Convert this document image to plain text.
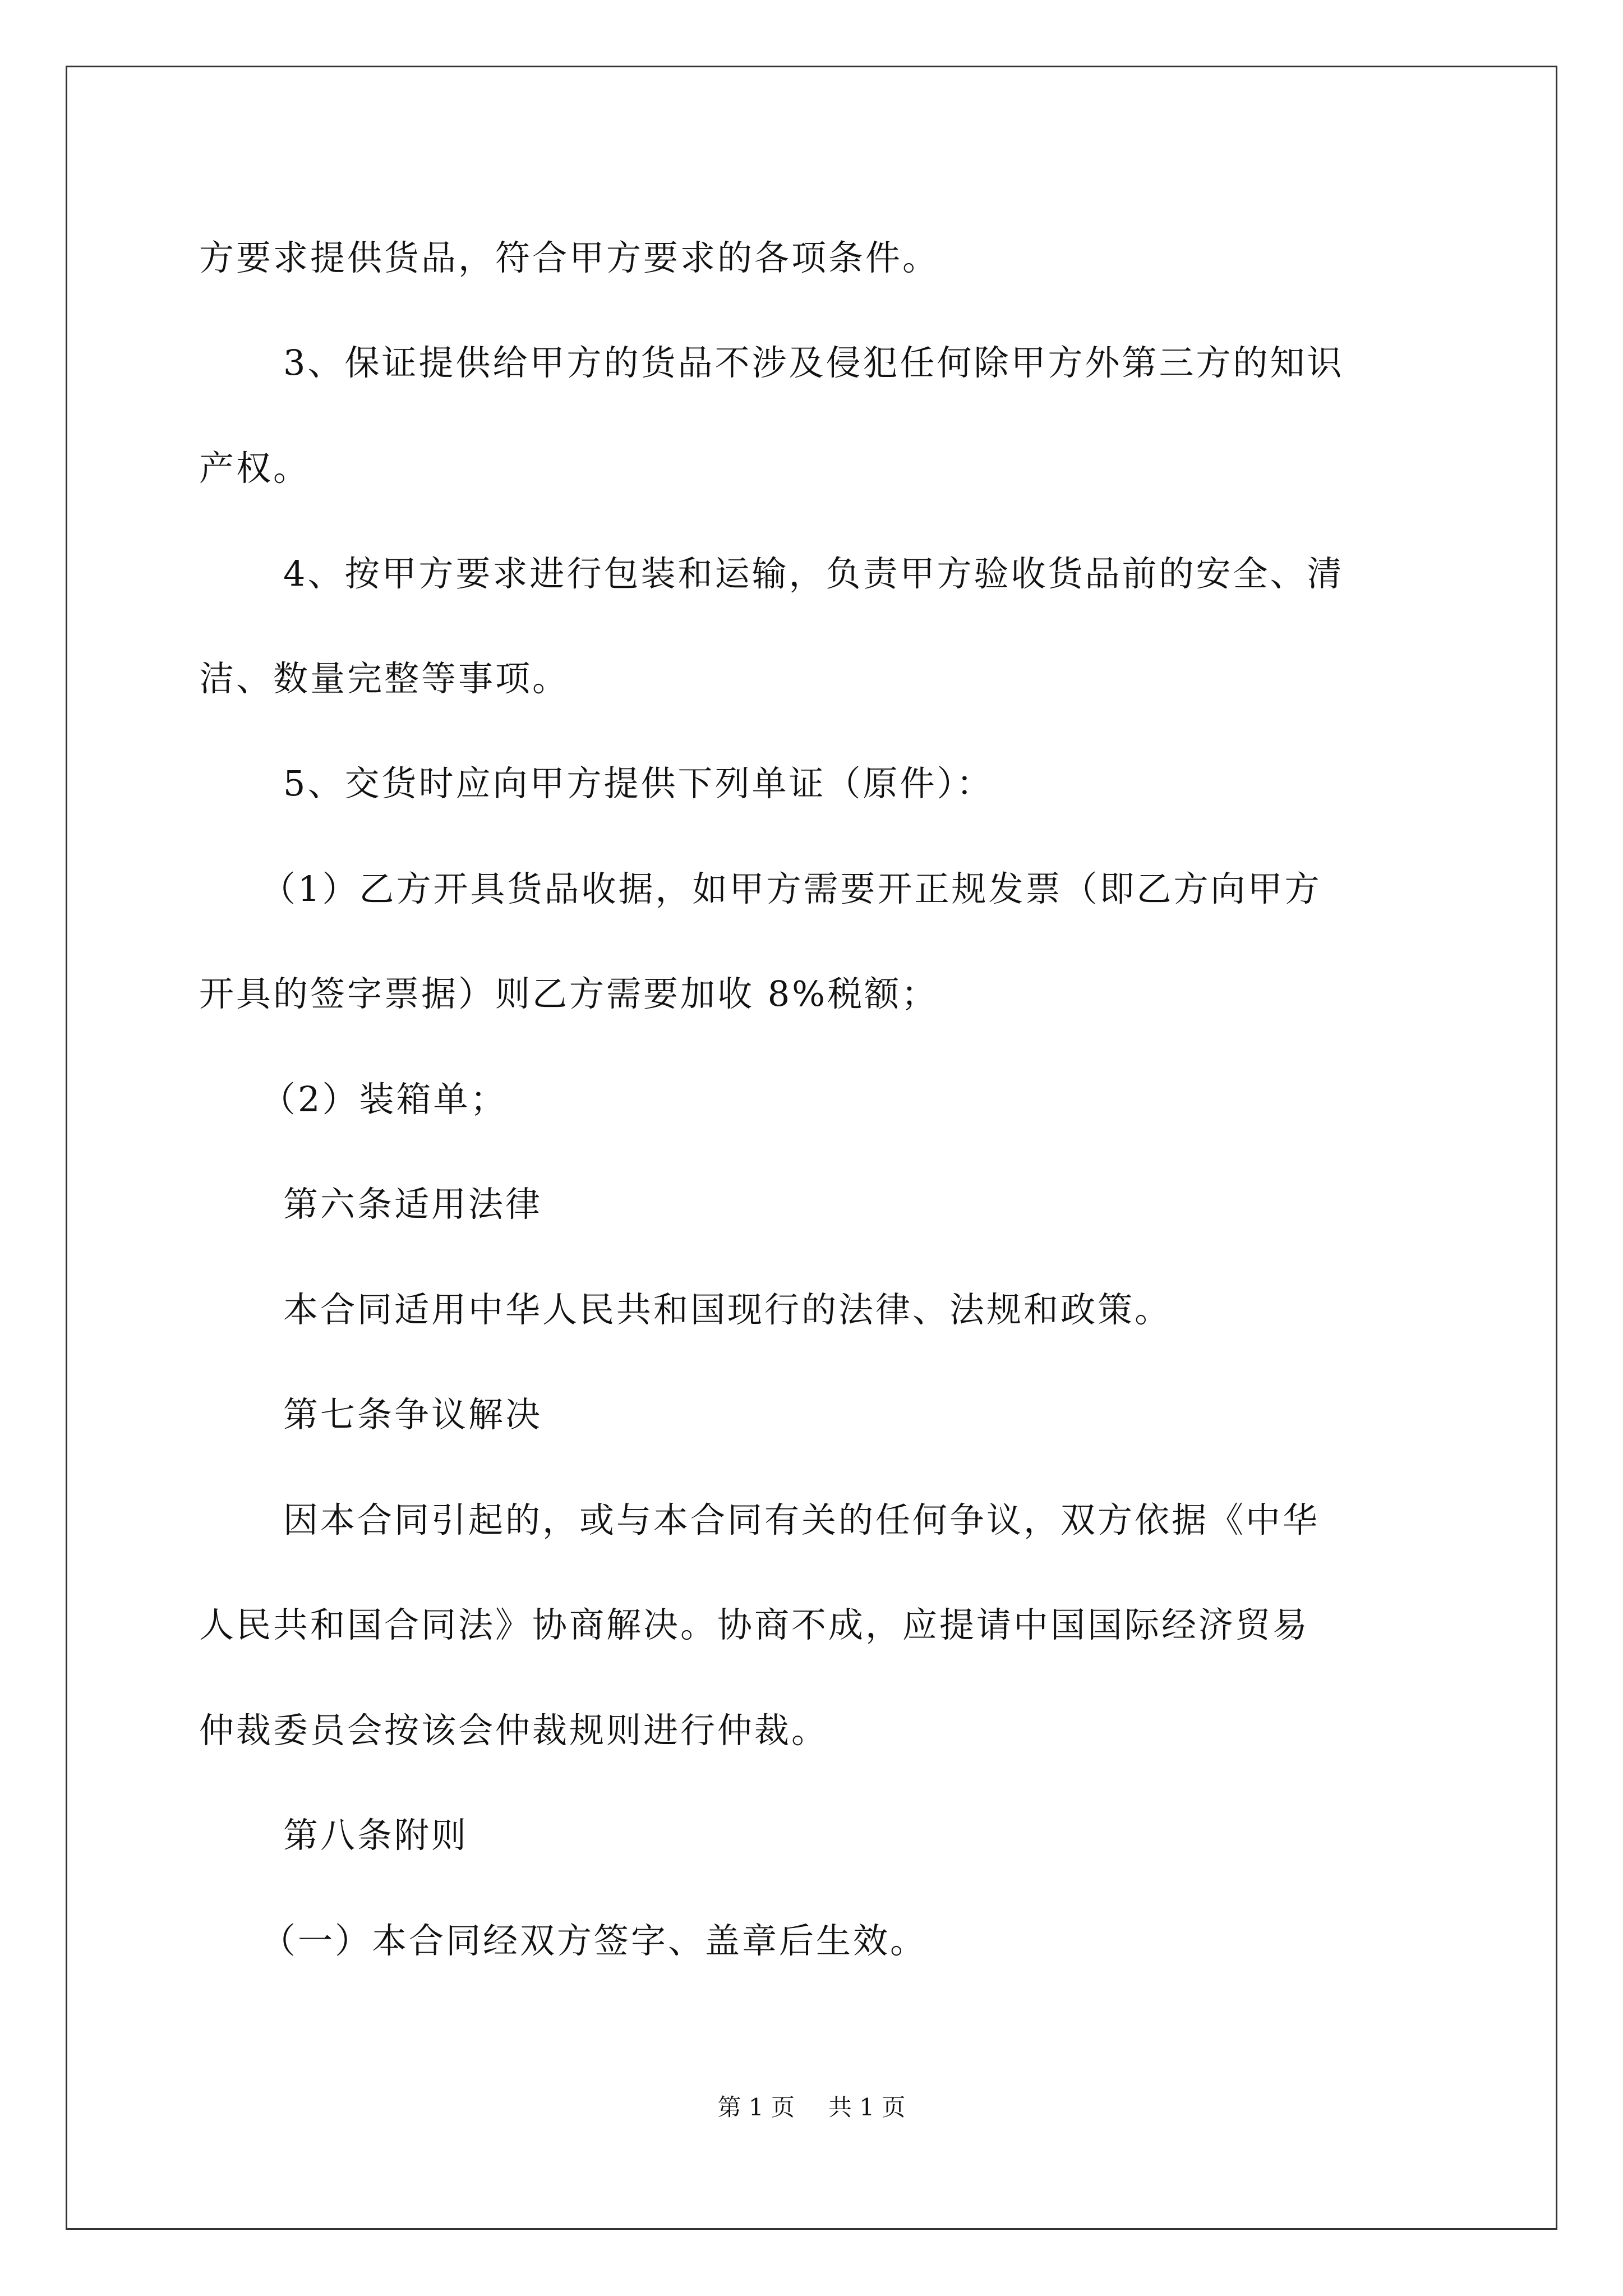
方要求提供货品，符合甲方要求的各项条件。
3、保证提供给甲方的货品不涉及侵犯任何除甲方外第三方的知识
产权。
4、按甲方要求进行包装和运输，负责甲方验收货品前的安全、清
洁、数量完整等事项。
5、交货时应向甲方提供下列单证（原件）：
（1）乙方开具货品收据，如甲方需要开正规发票（即乙方向甲方
开具的签字票据）则乙方需要加收 8%税额；
（2）装箱单；
第六条适用法律
本合同适用中华人民共和国现行的法律、法规和政策。
第七条争议解决
因本合同引起的，或与本合同有关的任何争议，双方依据《中华
人民共和国合同法》协商解决。协商不成，应提请中国国际经济贸易
仲裁委员会按该会仲裁规则进行仲裁。
第八条附则
（一）本合同经双方签字、盖章后生效。
第 1 页 共 1 页
